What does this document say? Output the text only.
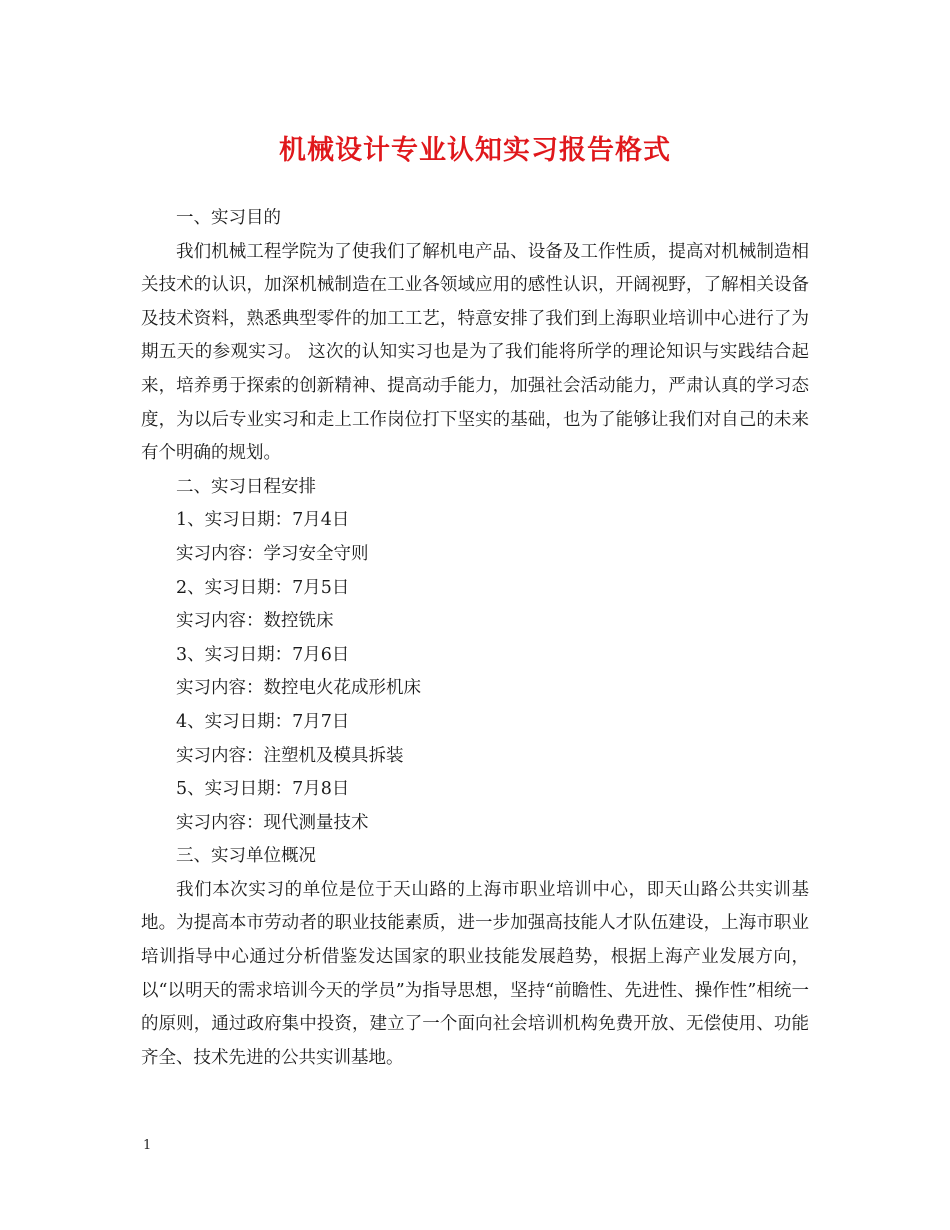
机械设计专业认知实习报告格式

一、实习目的

我们机械工程学院为了使我们了解机电产品、设备及工作性质，提高对机械制造相关技术的认识，加深机械制造在工业各领域应用的感性认识，开阔视野，了解相关设备及技术资料，熟悉典型零件的加工工艺，特意安排了我们到上海职业培训中心进行了为期五天的参观实习。 这次的认知实习也是为了我们能将所学的理论知识与实践结合起来，培养勇于探索的创新精神、提高动手能力，加强社会活动能力，严肃认真的学习态度，为以后专业实习和走上工作岗位打下坚实的基础，也为了能够让我们对自己的未来有个明确的规划。

二、实习日程安排

1、实习日期：7月4日

实习内容：学习安全守则

2、实习日期：7月5日

实习内容：数控铣床

3、实习日期：7月6日

实习内容：数控电火花成形机床

4、实习日期：7月7日

实习内容：注塑机及模具拆装

5、实习日期：7月8日

实习内容：现代测量技术

三、实习单位概况

我们本次实习的单位是位于天山路的上海市职业培训中心，即天山路公共实训基地。为提高本市劳动者的职业技能素质，进一步加强高技能人才队伍建设，上海市职业培训指导中心通过分析借鉴发达国家的职业技能发展趋势，根据上海产业发展方向，以“以明天的需求培训今天的学员”为指导思想，坚持“前瞻性、先进性、操作性”相统一的原则，通过政府集中投资，建立了一个面向社会培训机构免费开放、无偿使用、功能齐全、技术先进的公共实训基地。

1
